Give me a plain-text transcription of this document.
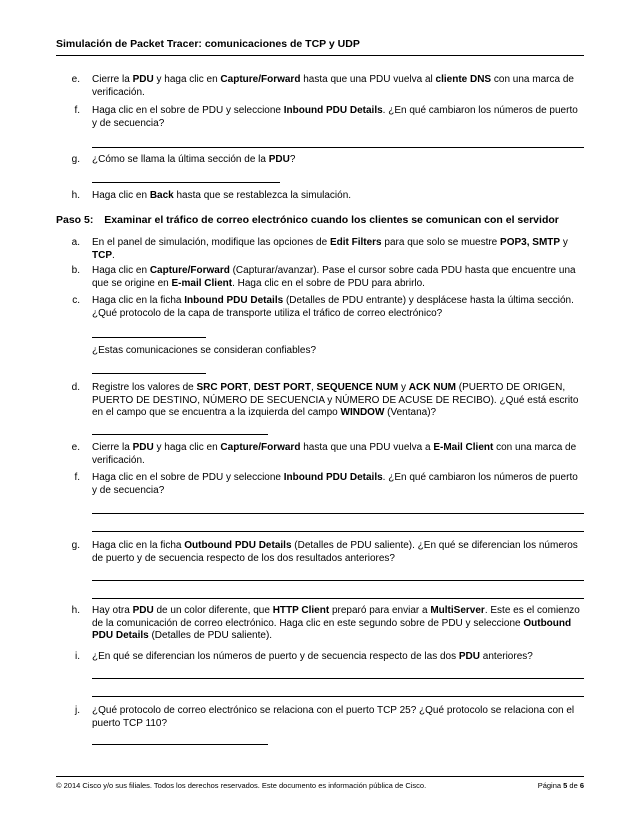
Simulación de Packet Tracer: comunicaciones de TCP y UDP
e. Cierre la PDU y haga clic en Capture/Forward hasta que una PDU vuelva al cliente DNS con una marca de verificación.
f. Haga clic en el sobre de PDU y seleccione Inbound PDU Details. ¿En qué cambiaron los números de puerto y de secuencia?
g. ¿Cómo se llama la última sección de la PDU?
h. Haga clic en Back hasta que se restablezca la simulación.
Paso 5: Examinar el tráfico de correo electrónico cuando los clientes se comunican con el servidor
a. En el panel de simulación, modifique las opciones de Edit Filters para que solo se muestre POP3, SMTP y TCP.
b. Haga clic en Capture/Forward (Capturar/avanzar). Pase el cursor sobre cada PDU hasta que encuentre una que se origine en E-mail Client. Haga clic en el sobre de PDU para abrirlo.
c. Haga clic en la ficha Inbound PDU Details (Detalles de PDU entrante) y desplácese hasta la última sección. ¿Qué protocolo de la capa de transporte utiliza el tráfico de correo electrónico?
¿Estas comunicaciones se consideran confiables?
d. Registre los valores de SRC PORT, DEST PORT, SEQUENCE NUM y ACK NUM (PUERTO DE ORIGEN, PUERTO DE DESTINO, NÚMERO DE SECUENCIA y NÚMERO DE ACUSE DE RECIBO). ¿Qué está escrito en el campo que se encuentra a la izquierda del campo WINDOW (Ventana)?
e. Cierre la PDU y haga clic en Capture/Forward hasta que una PDU vuelva a E-Mail Client con una marca de verificación.
f. Haga clic en el sobre de PDU y seleccione Inbound PDU Details. ¿En qué cambiaron los números de puerto y de secuencia?
g. Haga clic en la ficha Outbound PDU Details (Detalles de PDU saliente). ¿En qué se diferencian los números de puerto y de secuencia respecto de los dos resultados anteriores?
h. Hay otra PDU de un color diferente, que HTTP Client preparó para enviar a MultiServer. Este es el comienzo de la comunicación de correo electrónico. Haga clic en este segundo sobre de PDU y seleccione Outbound PDU Details (Detalles de PDU saliente).
i. ¿En qué se diferencian los números de puerto y de secuencia respecto de las dos PDU anteriores?
j. ¿Qué protocolo de correo electrónico se relaciona con el puerto TCP 25? ¿Qué protocolo se relaciona con el puerto TCP 110?
© 2014 Cisco y/o sus filiales. Todos los derechos reservados. Este documento es información pública de Cisco.	Página 5 de 6
